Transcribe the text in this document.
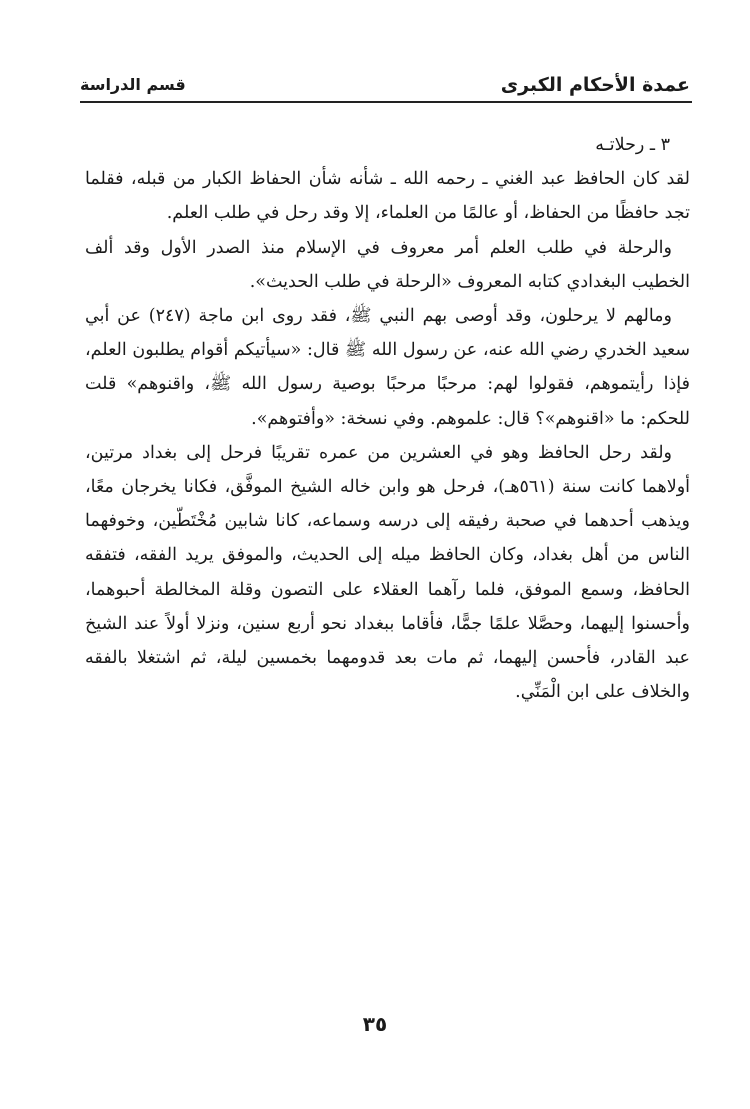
عمدة الأحكام الكبرى
قسم الدراسة

٣ ـ رحلاتـه

لقد كان الحافظ عبد الغني ـ رحمه الله ـ شأنه شأن الحفاظ الكبار من قبله، فقلما تجد حافظًا من الحفاظ، أو عالمًا من العلماء، إلا وقد رحل في طلب العلم.

والرحلة في طلب العلم أمر معروف في الإسلام منذ الصدر الأول وقد ألف الخطيب البغدادي كتابه المعروف «الرحلة في طلب الحديث».

ومالهم لا يرحلون، وقد أوصى بهم النبي ﷺ، فقد روى ابن ماجة (٢٤٧) عن أبي سعيد الخدري رضي الله عنه، عن رسول الله ﷺ قال: «سيأتيكم أقوام يطلبون العلم، فإذا رأيتموهم، فقولوا لهم: مرحبًا مرحبًا بوصية رسول الله ﷺ، واقنوهم» قلت للحكم: ما «اقنوهم»؟ قال: علموهم. وفي نسخة: «وأفتوهم».

ولقد رحل الحافظ وهو في العشرين من عمره تقريبًا فرحل إلى بغداد مرتين، أولاهما كانت سنة (٥٦١هـ)، فرحل هو وابن خاله الشيخ الموفَّق، فكانا يخرجان معًا، ويذهب أحدهما في صحبة رفيقه إلى درسه وسماعه، كانا شابين مُخْتَطّين، وخوفهما الناس من أهل بغداد، وكان الحافظ ميله إلى الحديث، والموفق يريد الفقه، فتفقه الحافظ، وسمع الموفق، فلما رآهما العقلاء على التصون وقلة المخالطة أحبوهما، وأحسنوا إليهما، وحصَّلا علمًا جمًّا، فأقاما ببغداد نحو أربع سنين، ونزلا أولاً عند الشيخ عبد القادر، فأحسن إليهما، ثم مات بعد قدومهما بخمسين ليلة، ثم اشتغلا بالفقه والخلاف على ابن الْمَنِّي.

٣٥
